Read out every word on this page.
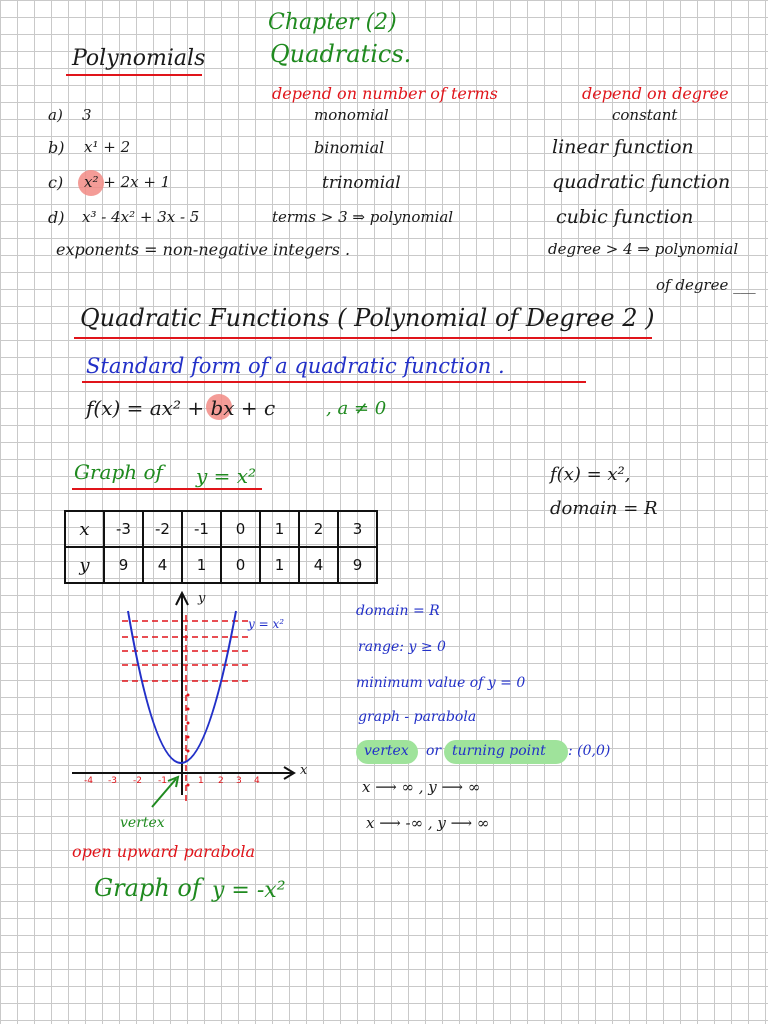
Chapter (2)
Quadratics.
Polynomials
depend on number of terms	depend on degree
a) 3	monomial	constant
b) x¹ + 2	binomial	linear function
c) x² + 2x + 1	trinomial	quadratic function
d) x³ - 4x² + 3x - 5	terms > 3 ⇒ polynomial	cubic function
exponents = non-negative integers .	degree > 4 ⇒ polynomial
of degree ___
Quadratic Functions ( Polynomial of Degree 2 )
Standard form of a quadratic function .
f(x) = ax² + bx + c	, a ≠ 0
Graph of y = x²	f(x) = x²,
domain = R
x	-3	-2	-1	0	1	2	3
y	9	4	1	0	1	4	9
y
x
y = x²
-4 -3 -2 -1	1 2 3 4
vertex
open upward parabola
domain = R
range: y ≥ 0
minimum value of y = 0
graph - parabola
vertex or turning point : (0,0)
x ⟶ ∞ , y ⟶ ∞
x ⟶ -∞ , y ⟶ ∞
Graph of y = -x²
